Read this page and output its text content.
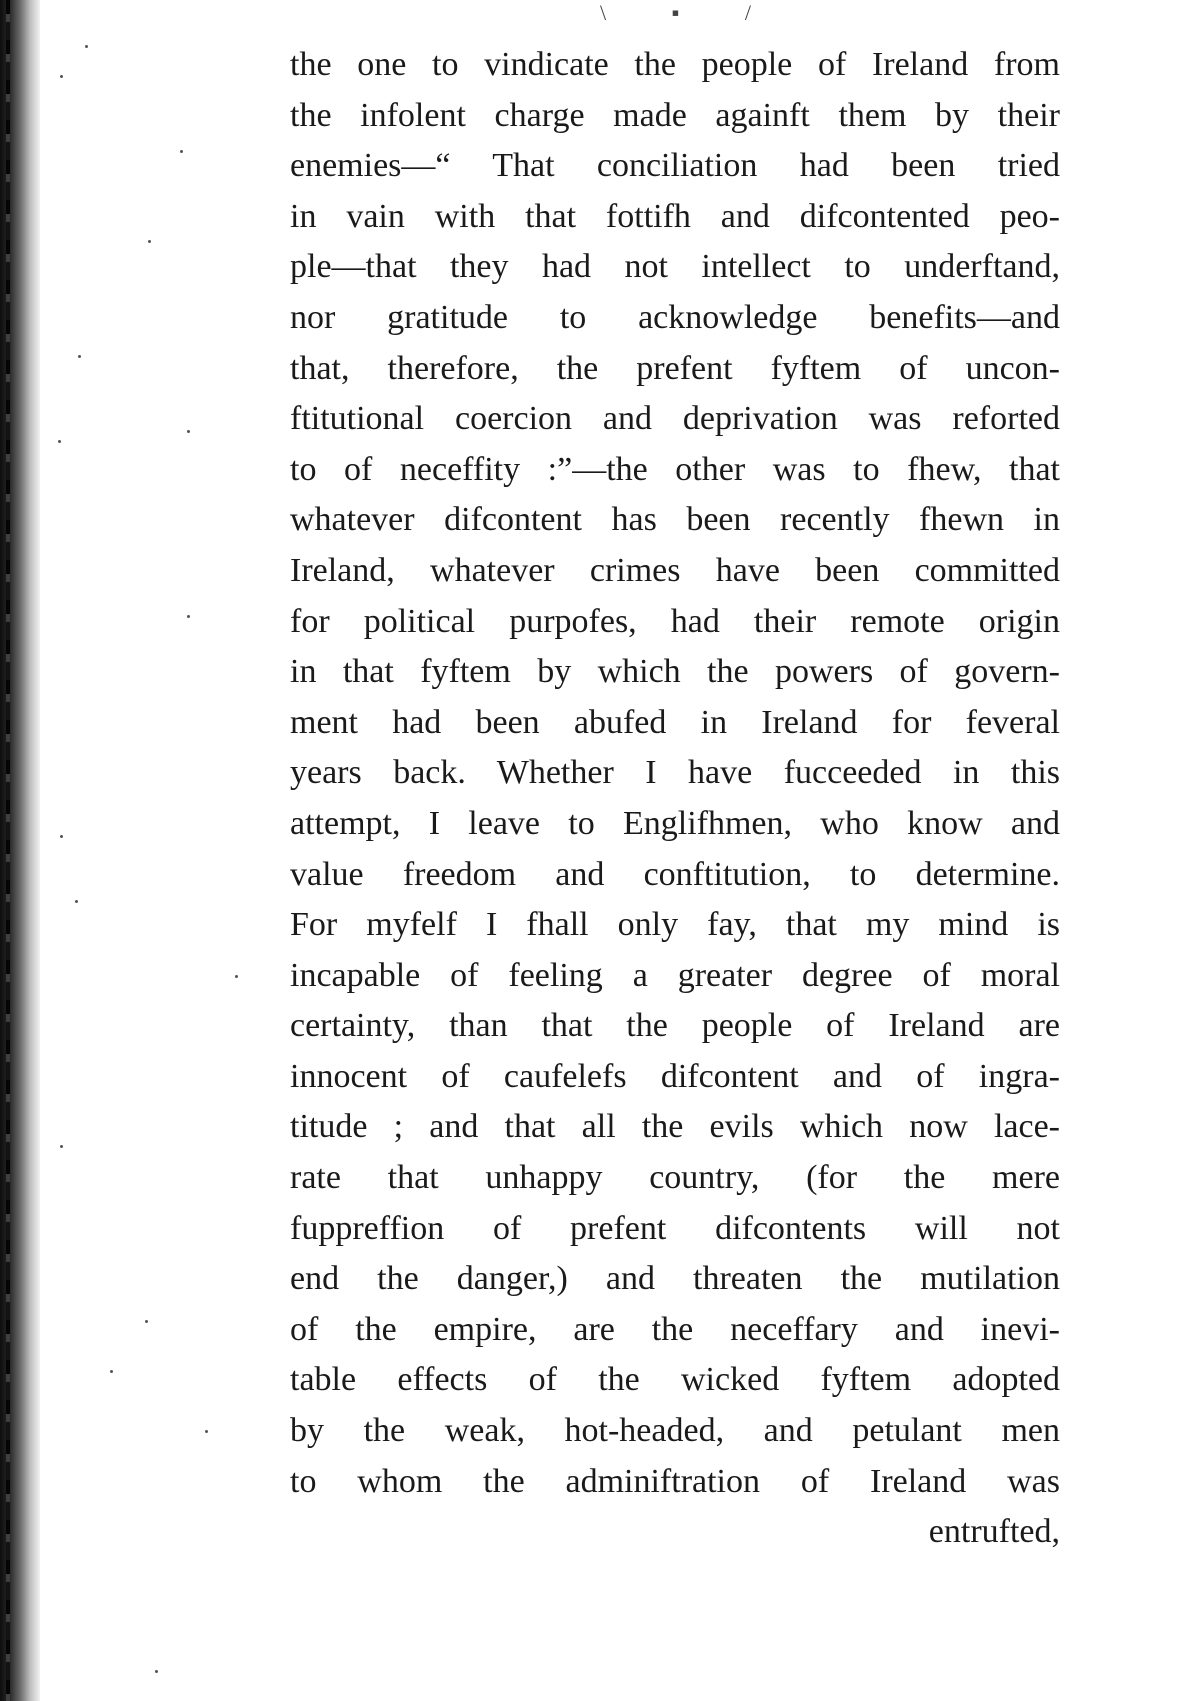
\ ▪ /
the one to vindicate the people of Ireland from
the infolent charge made againft them by their
enemies—“ That conciliation had been tried
in vain with that fottifh and difcontented peo-
ple—that they had not intellect to underftand,
nor gratitude to acknowledge benefits—and
that, therefore, the prefent fyftem of uncon-
ftitutional coercion and deprivation was reforted
to of neceffity :”—the other was to fhew, that
whatever difcontent has been recently fhewn in
Ireland, whatever crimes have been committed
for political purpofes, had their remote origin
in that fyftem by which the powers of govern-
ment had been abufed in Ireland for feveral
years back. Whether I have fucceeded in this
attempt, I leave to Englifhmen, who know and
value freedom and conftitution, to determine.
For myfelf I fhall only fay, that my mind is
incapable of feeling a greater degree of moral
certainty, than that the people of Ireland are
innocent of caufelefs difcontent and of ingra-
titude ; and that all the evils which now lace-
rate that unhappy country, (for the mere
fuppreffion of prefent difcontents will not
end the danger,) and threaten the mutilation
of the empire, are the neceffary and inevi-
table effects of the wicked fyftem adopted
by the weak, hot-headed, and petulant men
to whom the adminiftration of Ireland was
entrufted,
